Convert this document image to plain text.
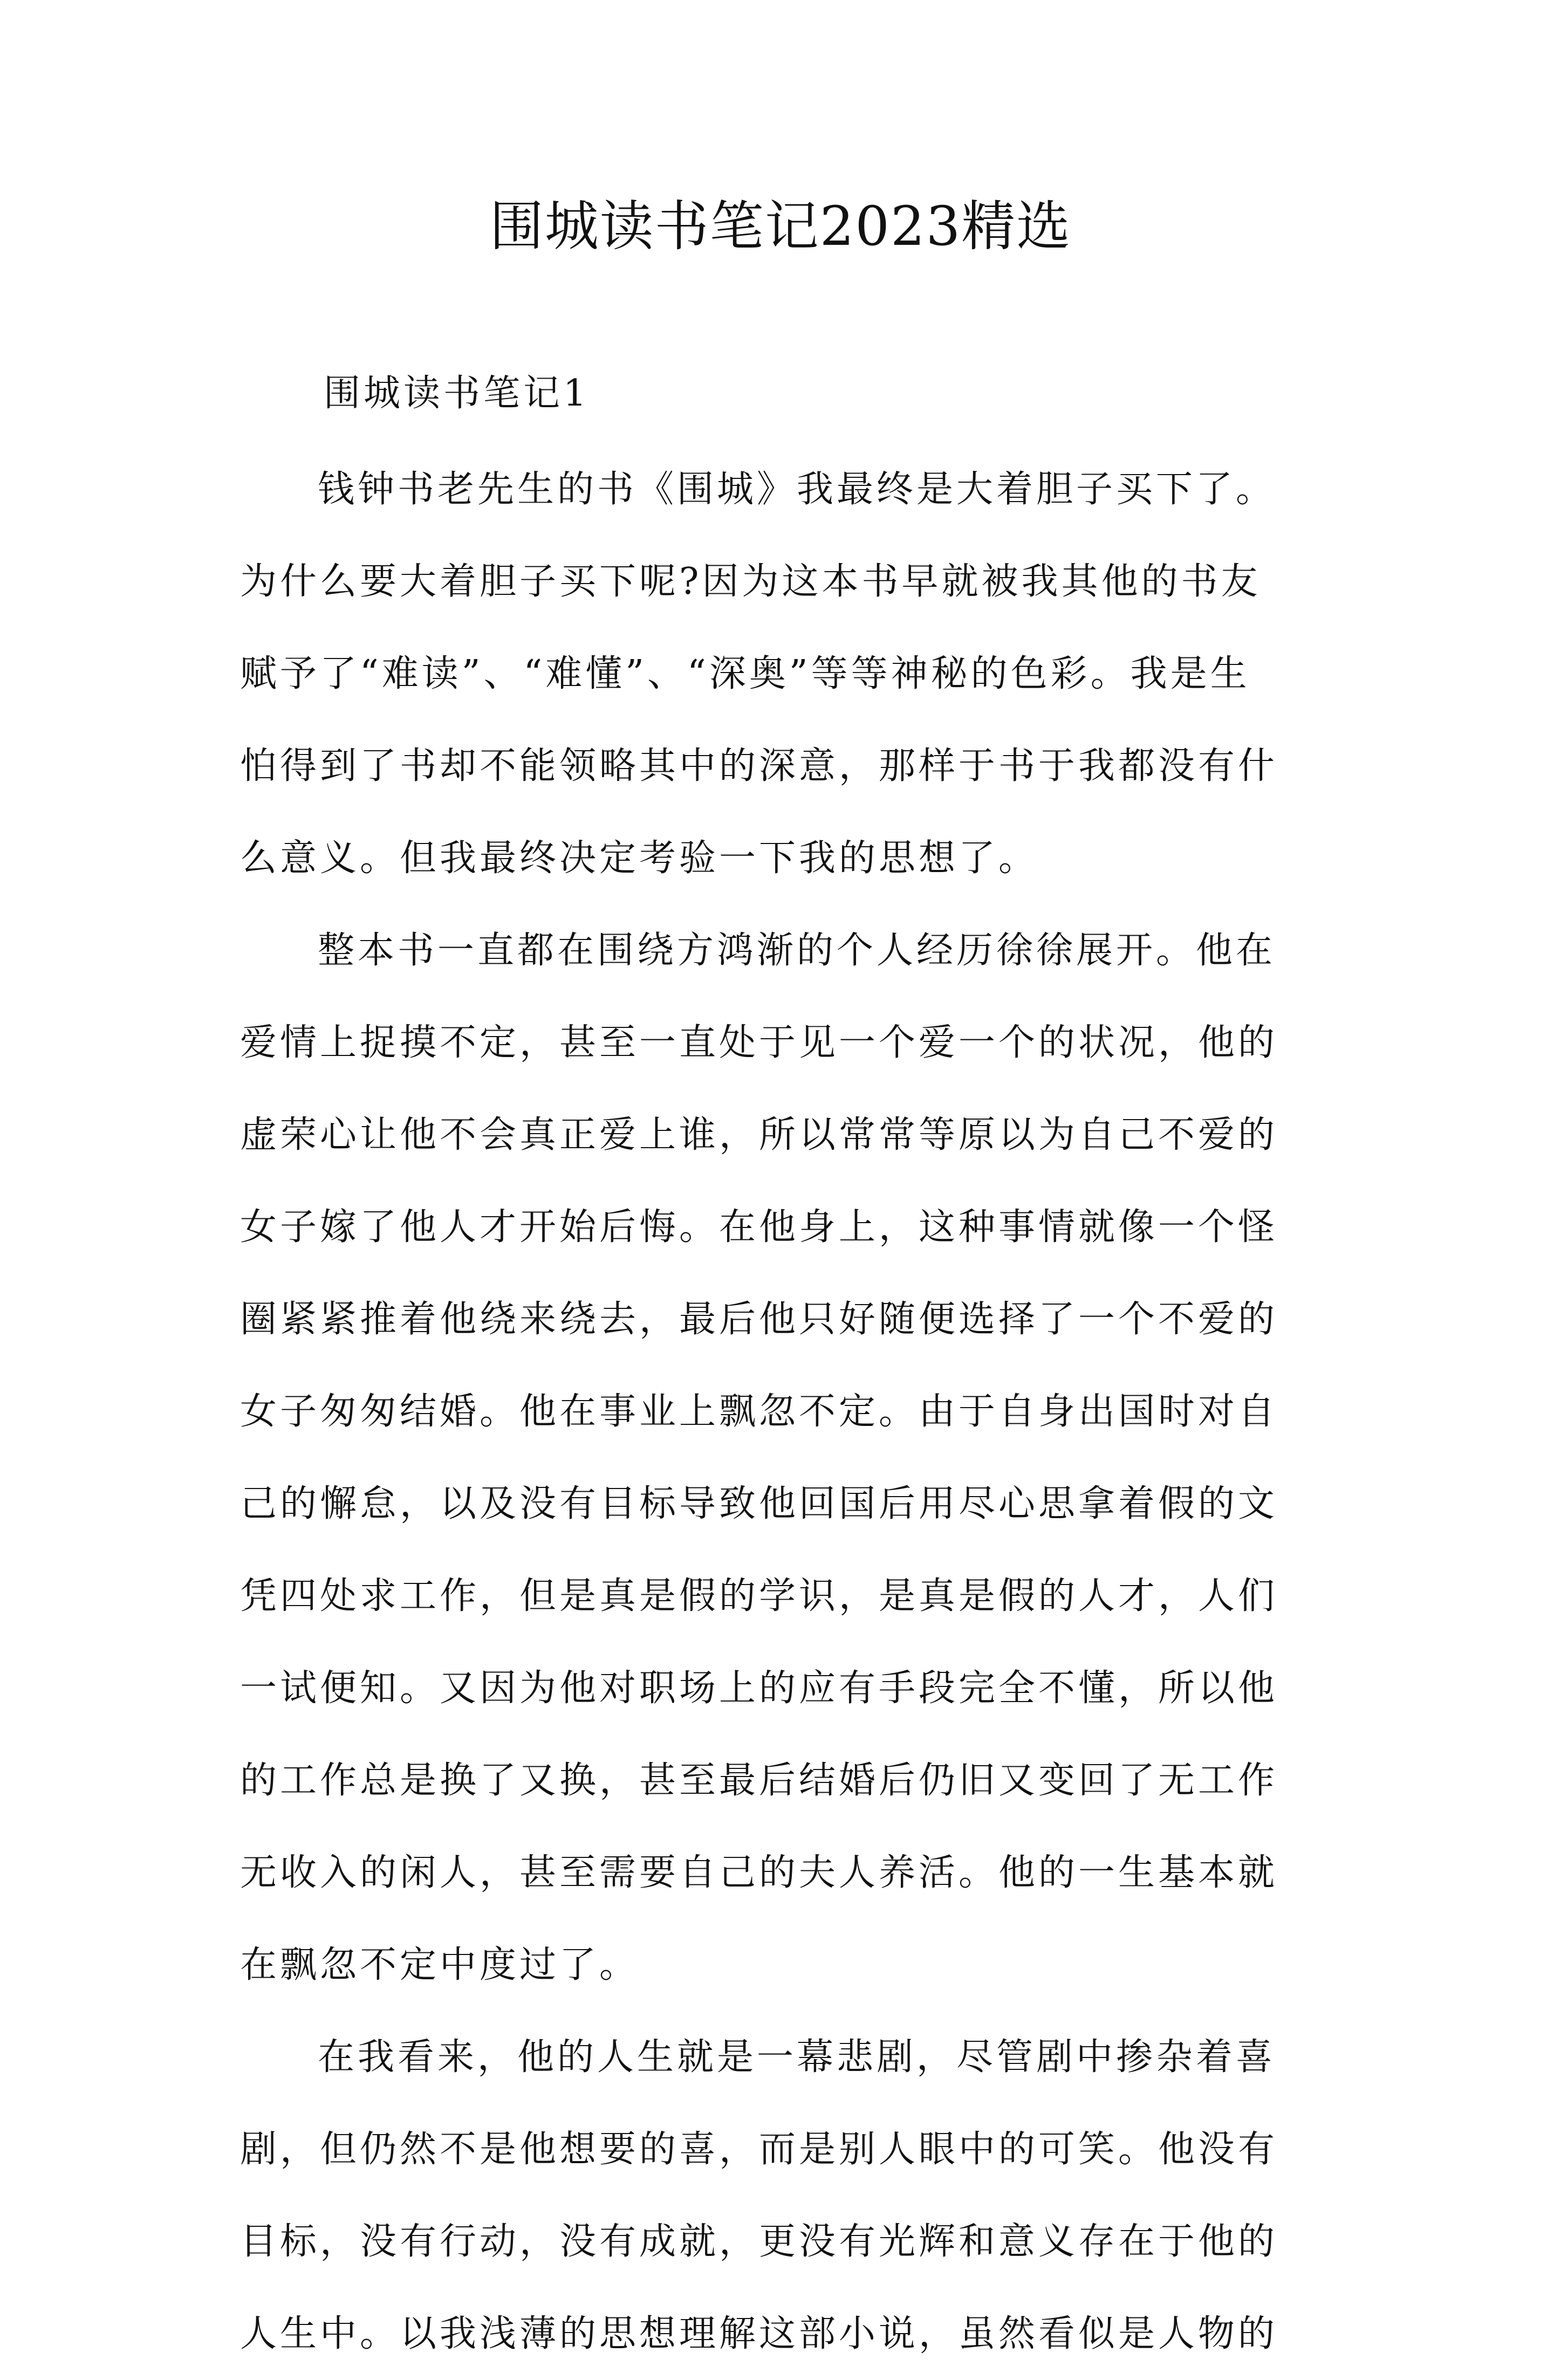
围城读书笔记2023精选
围城读书笔记1

钱钟书老先生的书《围城》我最终是大着胆子买下了。
为什么要大着胆子买下呢?因为这本书早就被我其他的书友
赋予了“难读”、“难懂”、“深奥”等等神秘的色彩。我是生
怕得到了书却不能领略其中的深意，那样于书于我都没有什
么意义。但我最终决定考验一下我的思想了。

整本书一直都在围绕方鸿渐的个人经历徐徐展开。他在
爱情上捉摸不定，甚至一直处于见一个爱一个的状况，他的
虚荣心让他不会真正爱上谁，所以常常等原以为自己不爱的
女子嫁了他人才开始后悔。在他身上，这种事情就像一个怪
圈紧紧推着他绕来绕去，最后他只好随便选择了一个不爱的
女子匆匆结婚。他在事业上飘忽不定。由于自身出国时对自
己的懈怠，以及没有目标导致他回国后用尽心思拿着假的文
凭四处求工作，但是真是假的学识，是真是假的人才，人们
一试便知。又因为他对职场上的应有手段完全不懂，所以他
的工作总是换了又换，甚至最后结婚后仍旧又变回了无工作
无收入的闲人，甚至需要自己的夫人养活。他的一生基本就
在飘忽不定中度过了。

在我看来，他的人生就是一幕悲剧，尽管剧中掺杂着喜
剧，但仍然不是他想要的喜，而是别人眼中的可笑。他没有
目标，没有行动，没有成就，更没有光辉和意义存在于他的
人生中。以我浅薄的思想理解这部小说，虽然看似是人物的
